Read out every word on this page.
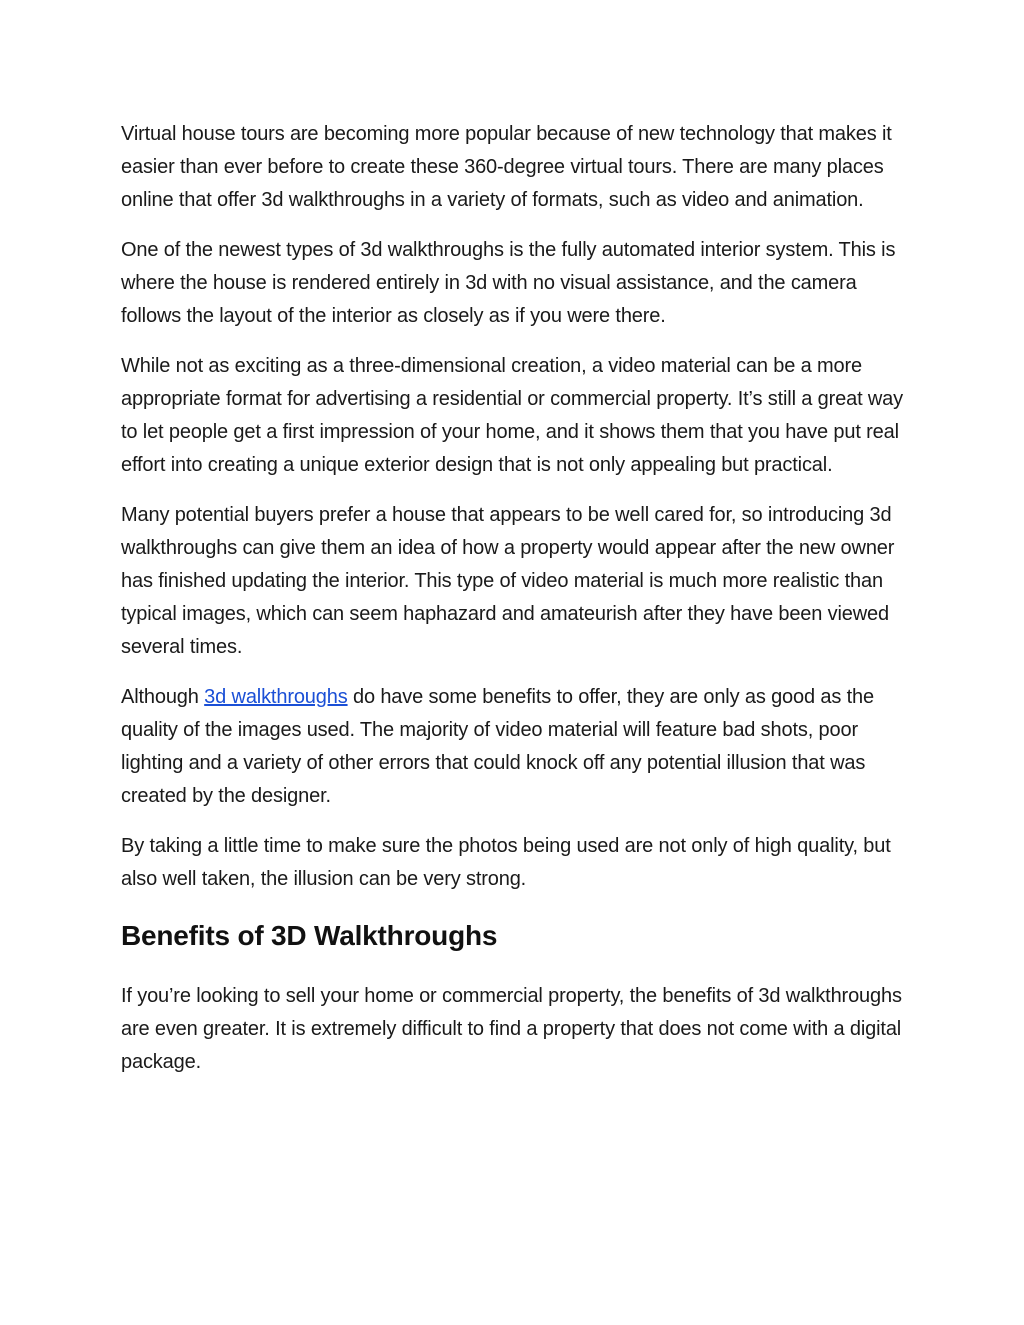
Virtual house tours are becoming more popular because of new technology that makes it easier than ever before to create these 360-degree virtual tours. There are many places online that offer 3d walkthroughs in a variety of formats, such as video and animation.

One of the newest types of 3d walkthroughs is the fully automated interior system. This is where the house is rendered entirely in 3d with no visual assistance, and the camera follows the layout of the interior as closely as if you were there.

While not as exciting as a three-dimensional creation, a video material can be a more appropriate format for advertising a residential or commercial property. It’s still a great way to let people get a first impression of your home, and it shows them that you have put real effort into creating a unique exterior design that is not only appealing but practical.

Many potential buyers prefer a house that appears to be well cared for, so introducing 3d walkthroughs can give them an idea of how a property would appear after the new owner has finished updating the interior. This type of video material is much more realistic than typical images, which can seem haphazard and amateurish after they have been viewed several times.

Although 3d walkthroughs do have some benefits to offer, they are only as good as the quality of the images used. The majority of video material will feature bad shots, poor lighting and a variety of other errors that could knock off any potential illusion that was created by the designer.

By taking a little time to make sure the photos being used are not only of high quality, but also well taken, the illusion can be very strong.

Benefits of 3D Walkthroughs

If you’re looking to sell your home or commercial property, the benefits of 3d walkthroughs are even greater. It is extremely difficult to find a property that does not come with a digital package.
